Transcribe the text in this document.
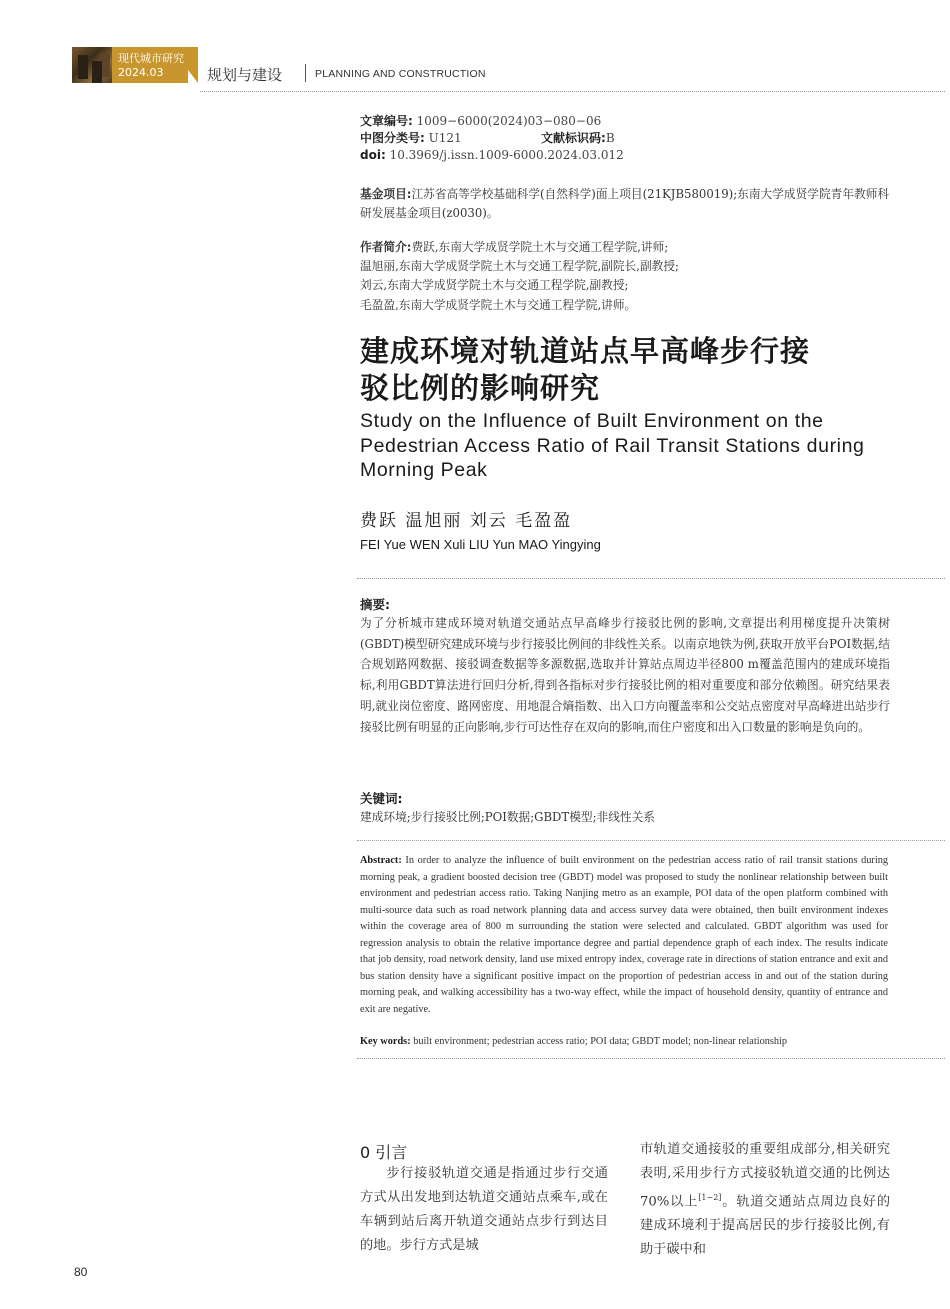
现代城市研究
2024.03	规划与建设	PLANNING AND CONSTRUCTION
文章编号: 1009−6000(2024)03−080−06
中图分类号: U121	文献标识码:B
doi: 10.3969/j.issn.1009-6000.2024.03.012
基金项目:江苏省高等学校基础科学(自然科学)面上项目(21KJB580019);东南大学成贤学院青年教师科研发展基金项目(z0030)。
作者简介:费跃,东南大学成贤学院土木与交通工程学院,讲师;
温旭丽,东南大学成贤学院土木与交通工程学院,副院长,副教授;
刘云,东南大学成贤学院土木与交通工程学院,副教授;
毛盈盈,东南大学成贤学院土木与交通工程学院,讲师。
建成环境对轨道站点早高峰步行接
驳比例的影响研究
Study on the Influence of Built Environment on the
Pedestrian Access Ratio of Rail Transit Stations during
Morning Peak
费跃 温旭丽 刘云 毛盈盈
FEI Yue WEN Xuli LIU Yun MAO Yingying
摘要:
为了分析城市建成环境对轨道交通站点早高峰步行接驳比例的影响,文章提出利用梯度提升决策树(GBDT)模型研究建成环境与步行接驳比例间的非线性关系。以南京地铁为例,获取开放平台POI数据,结合规划路网数据、接驳调查数据等多源数据,选取并计算站点周边半径800 m覆盖范围内的建成环境指标,利用GBDT算法进行回归分析,得到各指标对步行接驳比例的相对重要度和部分依赖图。研究结果表明,就业岗位密度、路网密度、用地混合熵指数、出入口方向覆盖率和公交站点密度对早高峰进出站步行接驳比例有明显的正向影响,步行可达性存在双向的影响,而住户密度和出入口数量的影响是负向的。
关键词:
建成环境;步行接驳比例;POI数据;GBDT模型;非线性关系
Abstract: In order to analyze the influence of built environment on the pedestrian access ratio of rail transit stations during morning peak, a gradient boosted decision tree (GBDT) model was proposed to study the nonlinear relationship between built environment and pedestrian access ratio. Taking Nanjing metro as an example, POI data of the open platform combined with multi-source data such as road network planning data and access survey data were obtained, then built environment indexes within the coverage area of 800 m surrounding the station were selected and calculated. GBDT algorithm was used for regression analysis to obtain the relative importance degree and partial dependence graph of each index. The results indicate that job density, road network density, land use mixed entropy index, coverage rate in directions of station entrance and exit and bus station density have a significant positive impact on the proportion of pedestrian access in and out of the station during morning peak, and walking accessibility has a two-way effect, while the impact of household density, quantity of entrance and exit are negative.
Key words: built environment; pedestrian access ratio; POI data; GBDT model; non-linear relationship
0 引言
步行接驳轨道交通是指通过步行交通方式从出发地到达轨道交通站点乘车,或在车辆到站后离开轨道交通站点步行到达目的地。步行方式是城
市轨道交通接驳的重要组成部分,相关研究表明,采用步行方式接驳轨道交通的比例达70%以上[1−2]。轨道交通站点周边良好的建成环境利于提高居民的步行接驳比例,有助于碳中和
80
